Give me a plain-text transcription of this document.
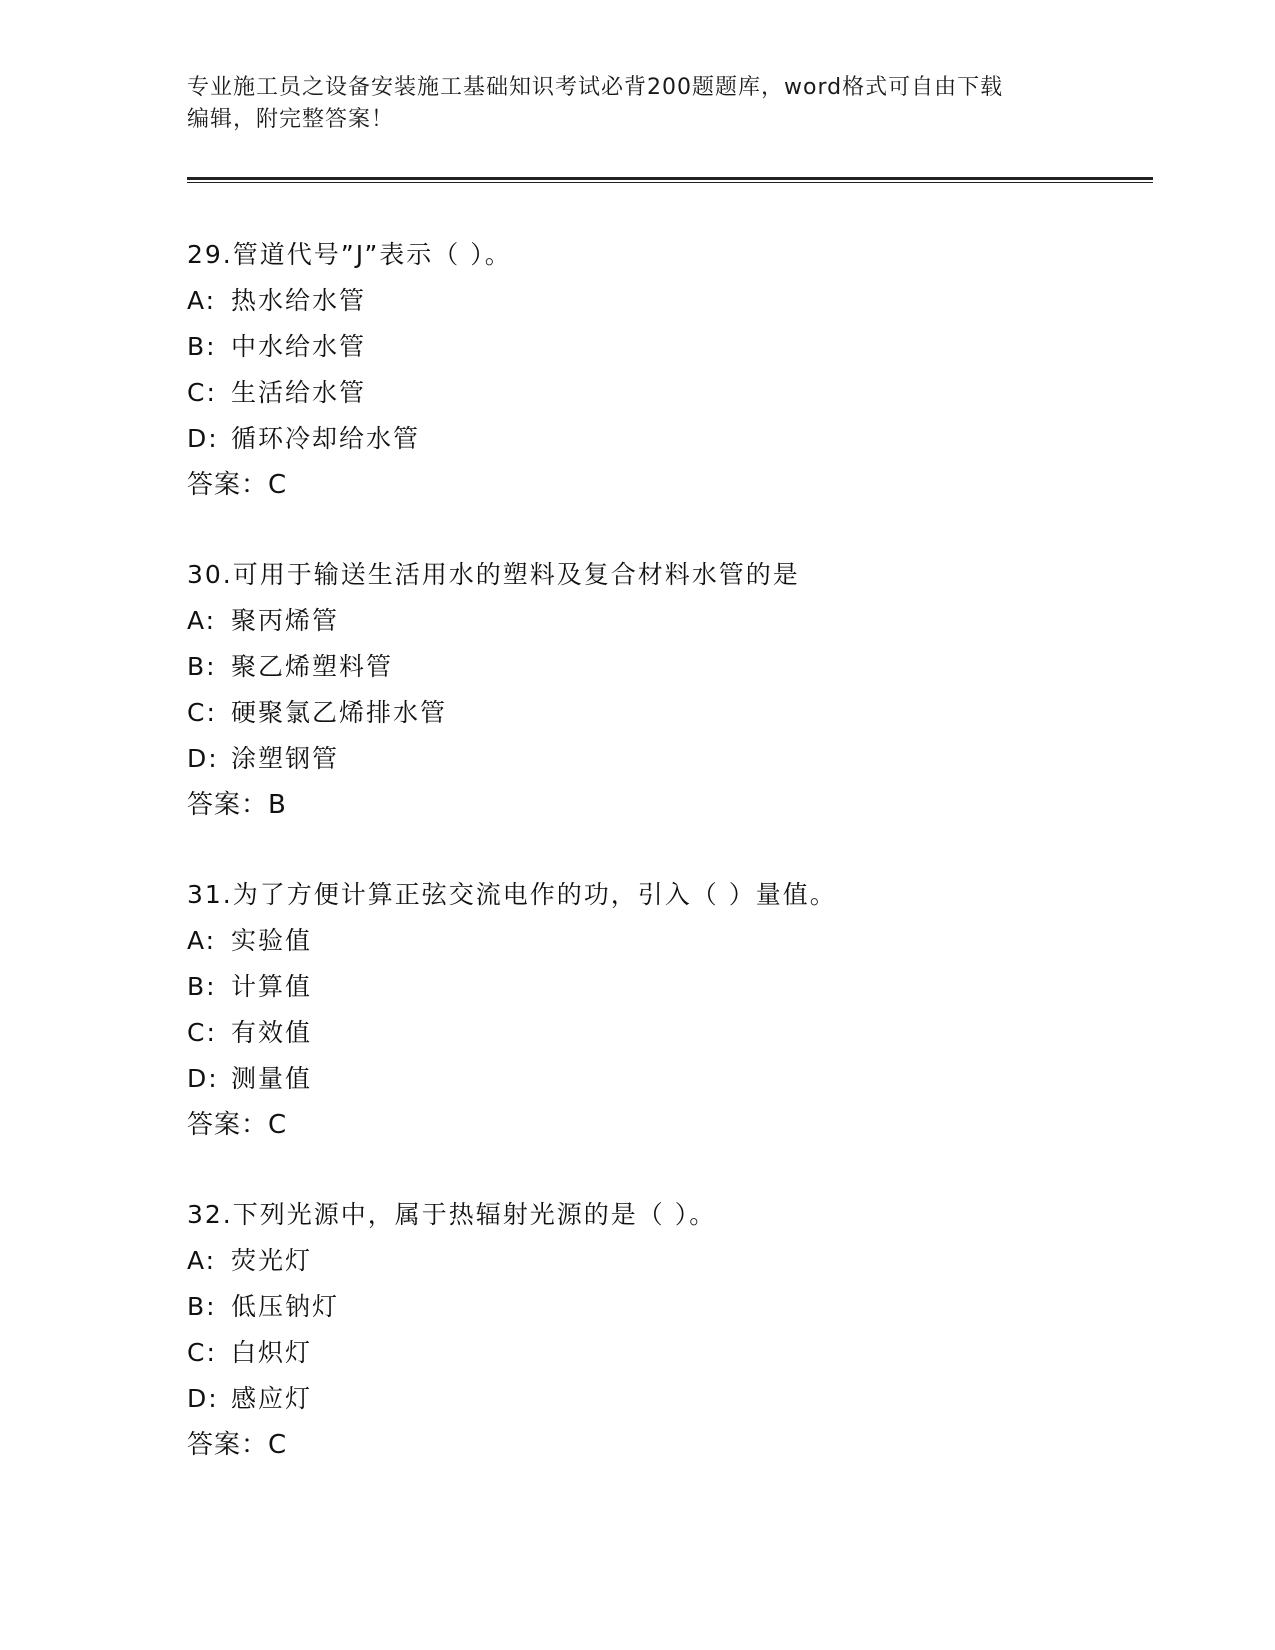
专业施工员之设备安装施工基础知识考试必背200题题库，word格式可自由下载
编辑，附完整答案！
29.管道代号”J”表示（ ）。
A: 热水给水管
B: 中水给水管
C: 生活给水管
D: 循环冷却给水管
答案：C
30.可用于输送生活用水的塑料及复合材料水管的是
A: 聚丙烯管
B: 聚乙烯塑料管
C: 硬聚氯乙烯排水管
D: 涂塑钢管
答案：B
31.为了方便计算正弦交流电作的功，引入（ ）量值。
A: 实验值
B: 计算值
C: 有效值
D: 测量值
答案：C
32.下列光源中，属于热辐射光源的是（ ）。
A: 荧光灯
B: 低压钠灯
C: 白炽灯
D: 感应灯
答案：C
